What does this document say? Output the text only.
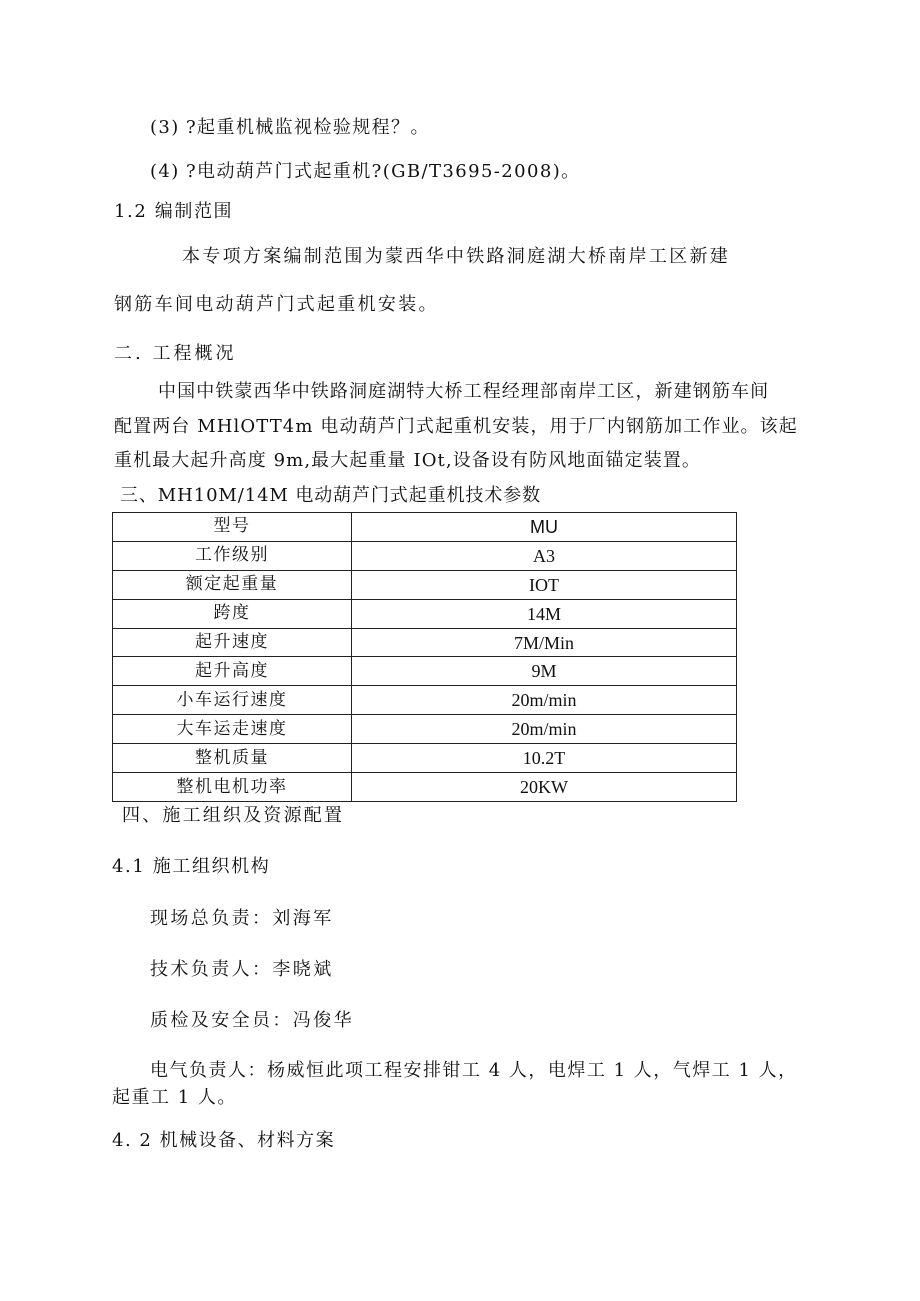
(3) ?起重机械监视检验规程？。
(4) ?电动葫芦门式起重机?(GB/T3695-2008)。
1.2 编制范围
本专项方案编制范围为蒙西华中铁路洞庭湖大桥南岸工区新建
钢筋车间电动葫芦门式起重机安装。
二. 工程概况
中国中铁蒙西华中铁路洞庭湖特大桥工程经理部南岸工区，新建钢筋车间
配置两台 MHlOTT4m 电动葫芦门式起重机安装，用于厂内钢筋加工作业。该起
重机最大起升高度 9m,最大起重量 IOt,设备设有防风地面锚定装置。
三、MH10M/14M 电动葫芦门式起重机技术参数
型号	MU
工作级别	A3
额定起重量	IOT
跨度	14M
起升速度	7M/Min
起升高度	9M
小车运行速度	20m/min
大车运走速度	20m/min
整机质量	10.2T
整机电机功率	20KW
四、施工组织及资源配置
4.1 施工组织机构
现场总负责：刘海军
技术负责人：李晓斌
质检及安全员：冯俊华
电气负责人：杨威恒此项工程安排钳工 4 人，电焊工 1 人，气焊工 1 人，
起重工 1 人。
4. 2 机械设备、材料方案
